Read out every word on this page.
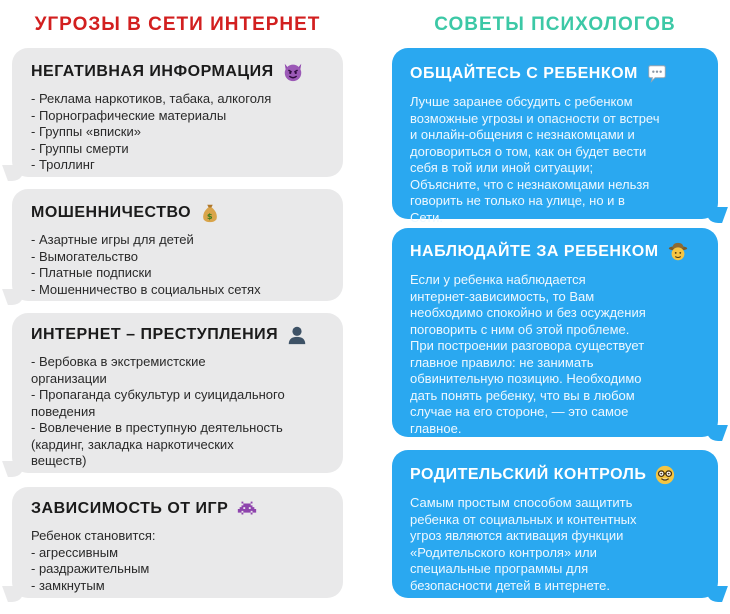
УГРОЗЫ В СЕТИ ИНТЕРНЕТ	СОВЕТЫ ПСИХОЛОГОВ
НЕГАТИВНАЯ ИНФОРМАЦИЯ
- Реклама наркотиков, табака, алкоголя
- Порнографические материалы
- Группы «вписки»
- Группы смерти
- Троллинг
МОШЕННИЧЕСТВО $
- Азартные игры для детей
- Вымогательство
- Платные подписки
- Мошенничество в социальных сетях
ИНТЕРНЕТ – ПРЕСТУПЛЕНИЯ
- Вербовка в экстремистские
организации
- Пропаганда субкультур и суицидального
поведения
- Вовлечение в преступную деятельность
(кардинг, закладка наркотических
веществ)
ЗАВИСИМОСТЬ ОТ ИГР
Ребенок становится:
- агрессивным
- раздражительным
- замкнутым
ОБЩАЙТЕСЬ С РЕБЕНКОМ
Лучше заранее обсудить с ребенком
возможные угрозы и опасности от встреч
и онлайн-общения с незнакомцами и
договориться о том, как он будет вести
себя в той или иной ситуации;
Объясните, что с незнакомцами нельзя
говорить не только на улице, но и в
Сети.
НАБЛЮДАЙТЕ ЗА РЕБЕНКОМ
Если у ребенка наблюдается
интернет-зависимость, то Вам
необходимо спокойно и без осуждения
поговорить с ним об этой проблеме.
При построении разговора существует
главное правило: не занимать
обвинительную позицию. Необходимо
дать понять ребенку, что вы в любом
случае на его стороне, — это самое
главное.
РОДИТЕЛЬСКИЙ КОНТРОЛЬ
Самым простым способом защитить
ребенка от социальных и контентных
угроз являются активация функции
«Родительского контроля» или
специальные программы для
безопасности детей в интернете.
